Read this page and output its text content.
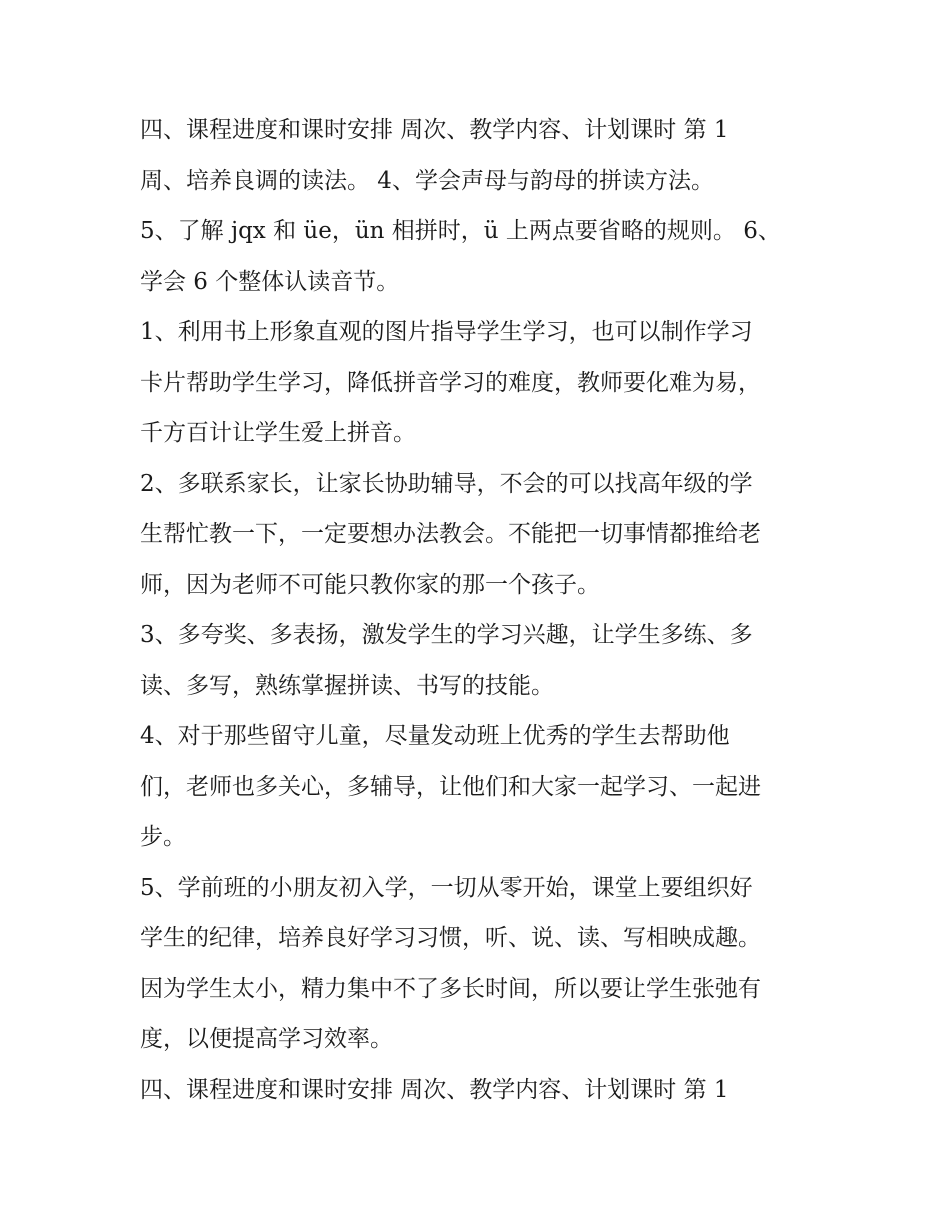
四、课程进度和课时安排 周次、教学内容、计划课时 第 1

周、培养良调的读法。 4、学会声母与韵母的拼读方法。

5、了解 jqx 和 üe，ün 相拼时，ü 上两点要省略的规则。 6、

学会 6 个整体认读音节。

1、利用书上形象直观的图片指导学生学习，也可以制作学习

卡片帮助学生学习，降低拼音学习的难度，教师要化难为易，

千方百计让学生爱上拼音。

2、多联系家长，让家长协助辅导，不会的可以找高年级的学

生帮忙教一下，一定要想办法教会。不能把一切事情都推给老

师，因为老师不可能只教你家的那一个孩子。

3、多夸奖、多表扬，激发学生的学习兴趣，让学生多练、多

读、多写，熟练掌握拼读、书写的技能。

4、对于那些留守儿童，尽量发动班上优秀的学生去帮助他

们，老师也多关心，多辅导，让他们和大家一起学习、一起进

步。

5、学前班的小朋友初入学，一切从零开始，课堂上要组织好

学生的纪律，培养良好学习习惯，听、说、读、写相映成趣。

因为学生太小，精力集中不了多长时间，所以要让学生张弛有

度，以便提高学习效率。

四、课程进度和课时安排 周次、教学内容、计划课时 第 1
